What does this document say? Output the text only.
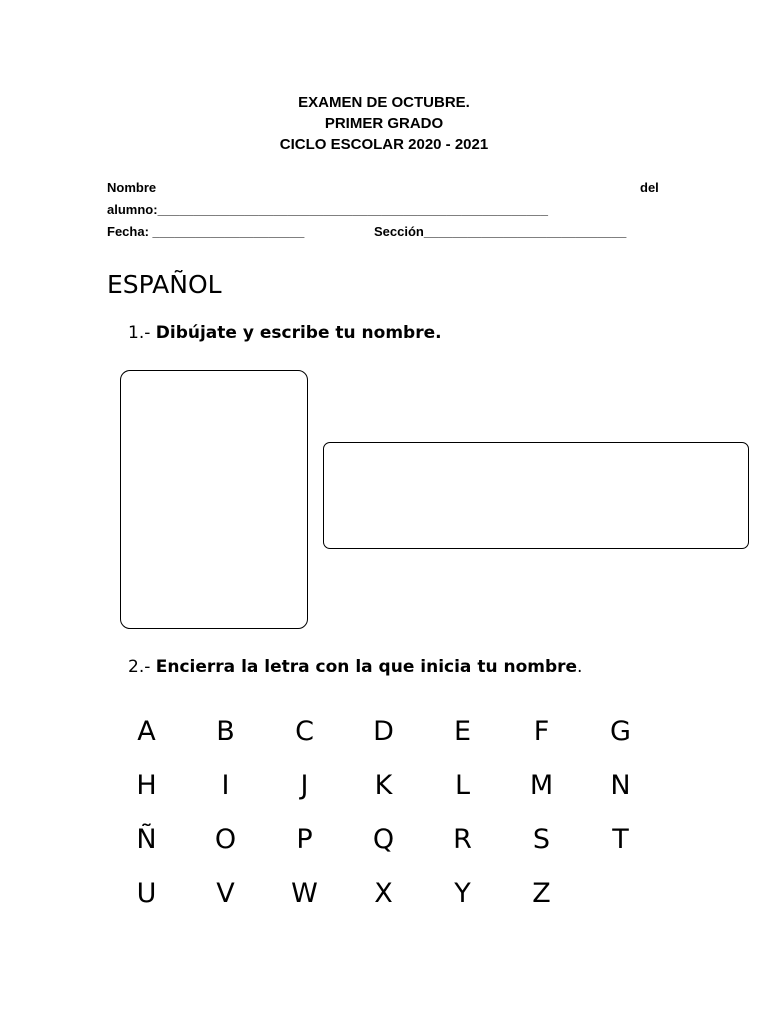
EXAMEN DE OCTUBRE.
PRIMER GRADO
CICLO ESCOLAR 2020 - 2021
Nombre	del
alumno:______________________________________________________
Fecha: _____________________	Sección____________________________
ESPAÑOL
1.- Dibújate y escribe tu nombre.
2.- Encierra la letra con la que inicia tu nombre.
A	B	C	D	E	F	G
H	I	J	K	L	M	N
Ñ	O	P	Q	R	S	T
U	V	W	X	Y	Z
